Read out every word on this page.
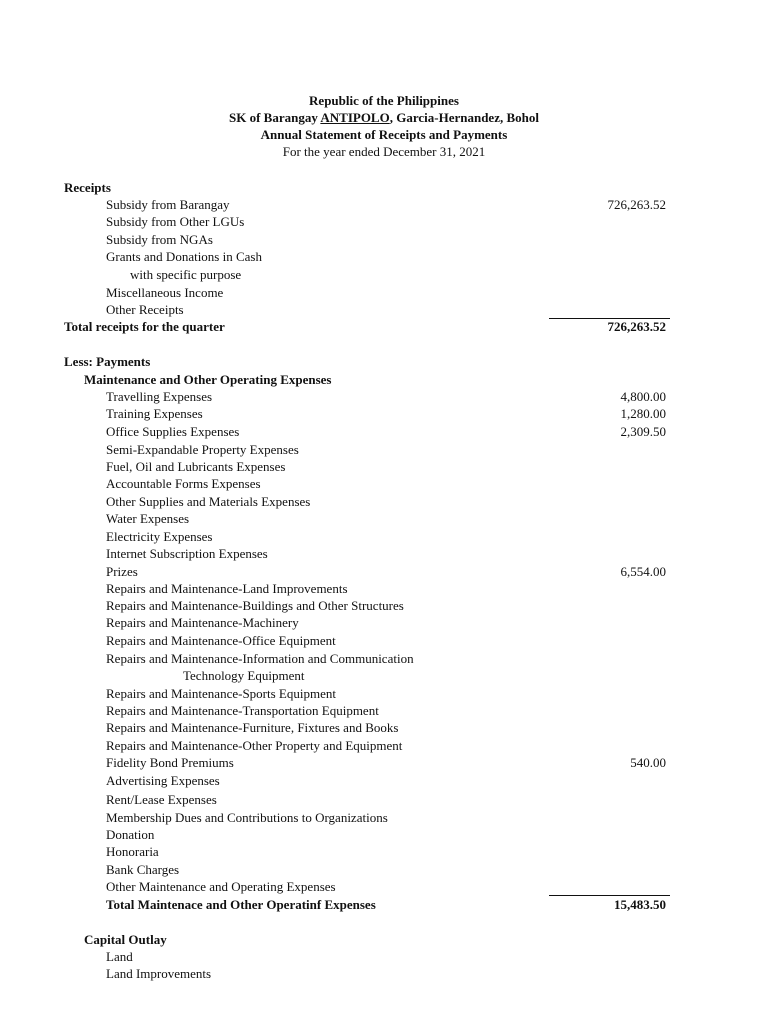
Republic of the Philippines
SK of Barangay ANTIPOLO, Garcia-Hernandez, Bohol
Annual Statement of Receipts and Payments
For the year ended December 31, 2021
Receipts
Subsidy from Barangay	726,263.52
Subsidy from Other LGUs
Subsidy from NGAs
Grants and Donations in Cash
with specific purpose
Miscellaneous Income
Other Receipts
Total receipts for the quarter	726,263.52
Less: Payments
Maintenance and Other Operating Expenses
Travelling Expenses	4,800.00
Training Expenses	1,280.00
Office Supplies Expenses	2,309.50
Semi-Expandable Property Expenses
Fuel, Oil and Lubricants Expenses
Accountable Forms Expenses
Other Supplies and Materials Expenses
Water Expenses
Electricity Expenses
Internet Subscription Expenses
Prizes	6,554.00
Repairs and Maintenance-Land Improvements
Repairs and Maintenance-Buildings and Other Structures
Repairs and Maintenance-Machinery
Repairs and Maintenance-Office Equipment
Repairs and Maintenance-Information and Communication
Technology Equipment
Repairs and Maintenance-Sports Equipment
Repairs and Maintenance-Transportation Equipment
Repairs and Maintenance-Furniture, Fixtures and Books
Repairs and Maintenance-Other Property and Equipment
Fidelity Bond Premiums	540.00
Advertising Expenses
Rent/Lease Expenses
Membership Dues and Contributions to Organizations
Donation
Honoraria
Bank Charges
Other Maintenance and Operating Expenses
Total Maintenace and Other Operatinf Expenses	15,483.50
Capital Outlay
Land
Land Improvements
